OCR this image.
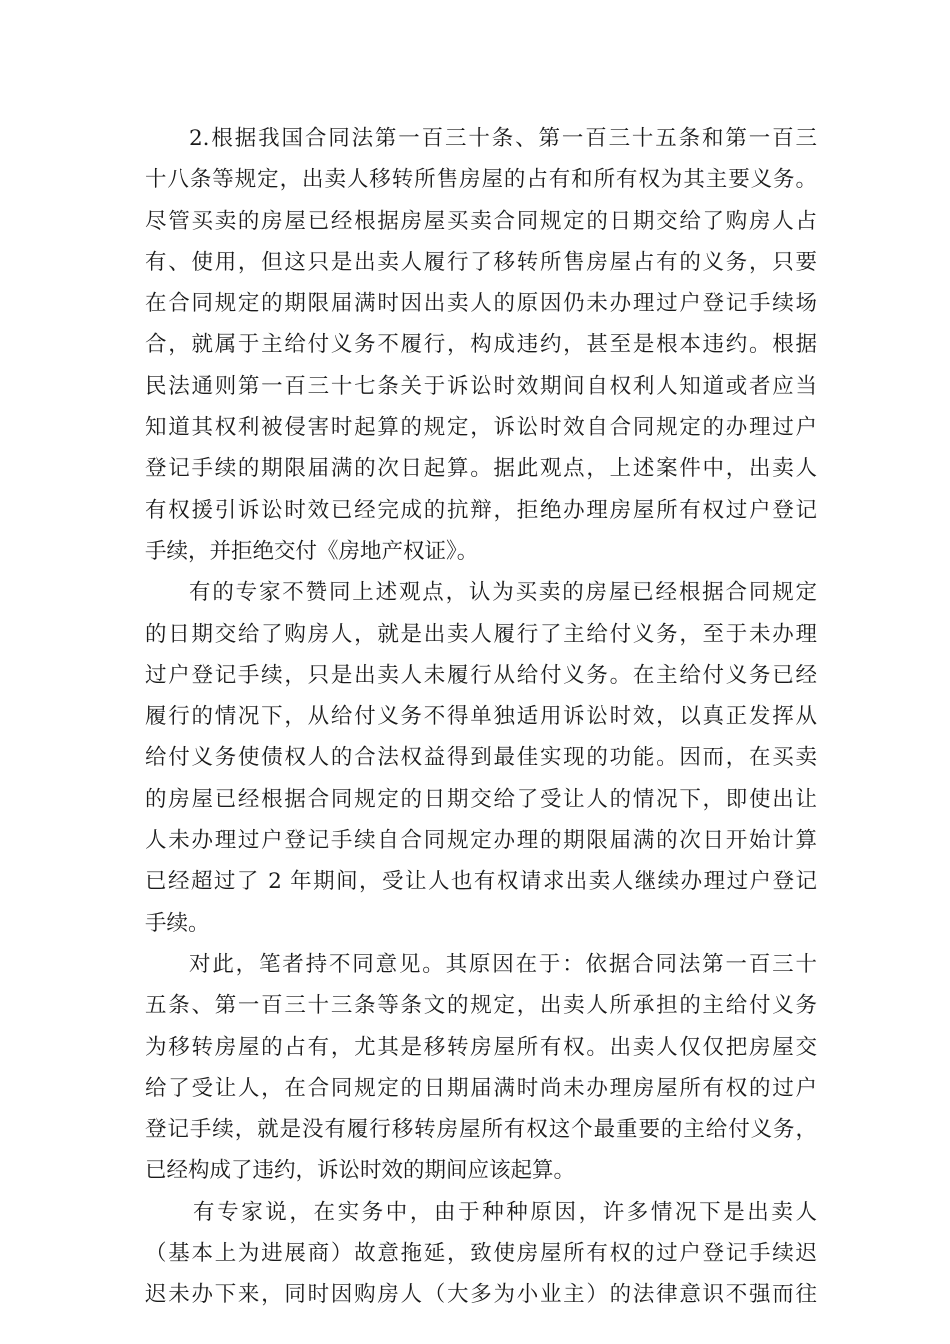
2.根据我国合同法第一百三十条、第一百三十五条和第一百三
十八条等规定，出卖人移转所售房屋的占有和所有权为其主要义务。
尽管买卖的房屋已经根据房屋买卖合同规定的日期交给了购房人占
有、使用，但这只是出卖人履行了移转所售房屋占有的义务，只要
在合同规定的期限届满时因出卖人的原因仍未办理过户登记手续场
合，就属于主给付义务不履行，构成违约，甚至是根本违约。根据
民法通则第一百三十七条关于诉讼时效期间自权利人知道或者应当
知道其权利被侵害时起算的规定，诉讼时效自合同规定的办理过户
登记手续的期限届满的次日起算。据此观点，上述案件中，出卖人
有权援引诉讼时效已经完成的抗辩，拒绝办理房屋所有权过户登记
手续，并拒绝交付《房地产权证》。
有的专家不赞同上述观点，认为买卖的房屋已经根据合同规定
的日期交给了购房人，就是出卖人履行了主给付义务，至于未办理
过户登记手续，只是出卖人未履行从给付义务。在主给付义务已经
履行的情况下，从给付义务不得单独适用诉讼时效，以真正发挥从
给付义务使债权人的合法权益得到最佳实现的功能。因而，在买卖
的房屋已经根据合同规定的日期交给了受让人的情况下，即使出让
人未办理过户登记手续自合同规定办理的期限届满的次日开始计算
已经超过了 2 年期间，受让人也有权请求出卖人继续办理过户登记
手续。
对此，笔者持不同意见。其原因在于：依据合同法第一百三十
五条、第一百三十三条等条文的规定，出卖人所承担的主给付义务
为移转房屋的占有，尤其是移转房屋所有权。出卖人仅仅把房屋交
给了受让人，在合同规定的日期届满时尚未办理房屋所有权的过户
登记手续，就是没有履行移转房屋所有权这个最重要的主给付义务，
已经构成了违约，诉讼时效的期间应该起算。
有专家说，在实务中，由于种种原因，许多情况下是出卖人
（基本上为进展商）故意拖延，致使房屋所有权的过户登记手续迟
迟未办下来，同时因购房人（大多为小业主）的法律意识不强而往
